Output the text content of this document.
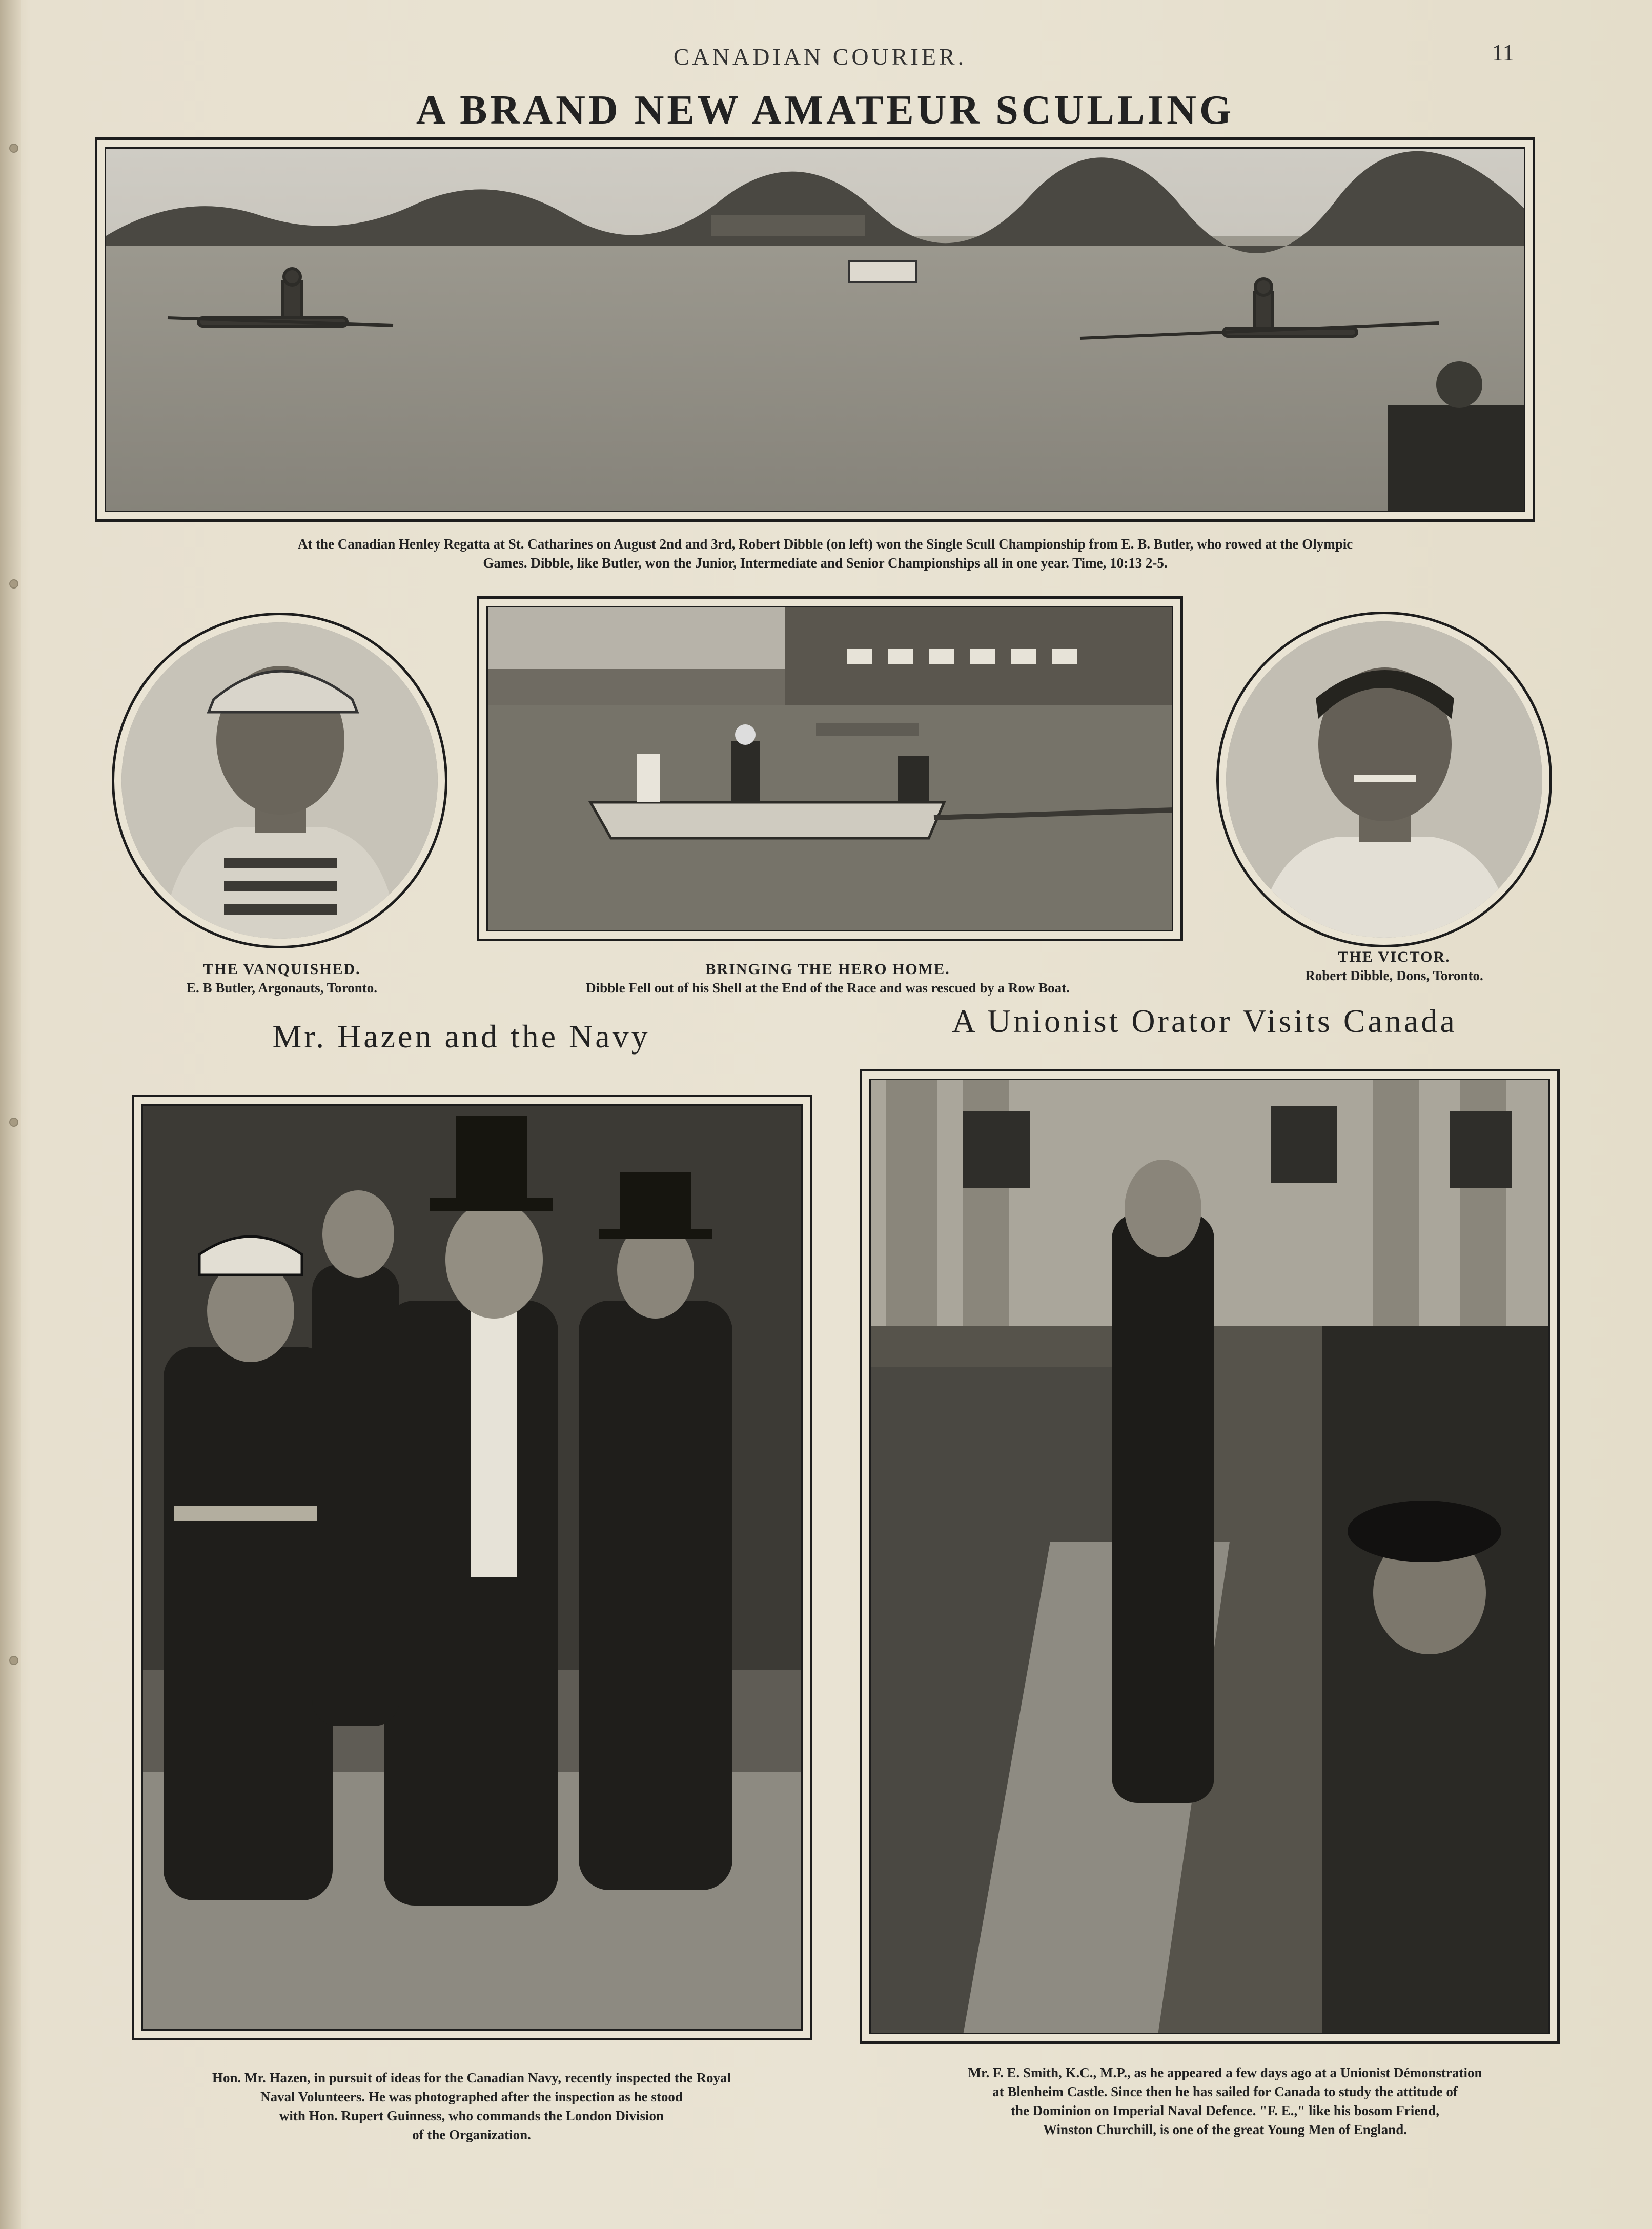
CANADIAN COURIER.	11
A BRAND NEW AMATEUR SCULLING
At the Canadian Henley Regatta at St. Catharines on August 2nd and 3rd, Robert Dibble (on left) won the Single Scull Championship from E. B. Butler, who rowed at the Olympic
Games. Dibble, like Butler, won the Junior, Intermediate and Senior Championships all in one year. Time, 10:13 2-5.
THE VANQUISHED.
E. B Butler, Argonauts, Toronto.
BRINGING THE HERO HOME.
Dibble Fell out of his Shell at the End of the Race and was rescued by a Row Boat.
THE VICTOR.
Robert Dibble, Dons, Toronto.
Mr. Hazen and the Navy	A Unionist Orator Visits Canada
Hon. Mr. Hazen, in pursuit of ideas for the Canadian Navy, recently inspected the Royal
Naval Volunteers. He was photographed after the inspection as he stood
with Hon. Rupert Guinness, who commands the London Division
of the Organization.
Mr. F. E. Smith, K.C., M.P., as he appeared a few days ago at a Unionist Démonstration
at Blenheim Castle. Since then he has sailed for Canada to study the attitude of
the Dominion on Imperial Naval Defence. "F. E.," like his bosom Friend,
Winston Churchill, is one of the great Young Men of England.
